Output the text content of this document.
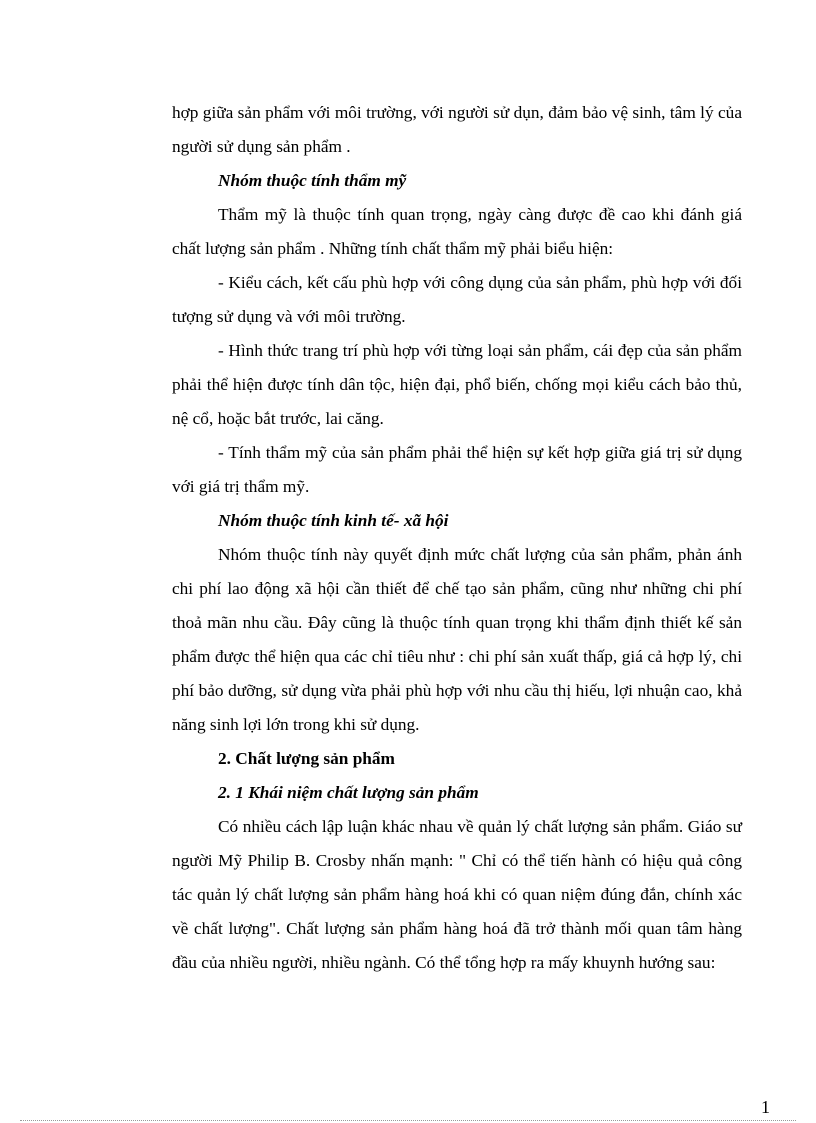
hợp giữa sản phẩm với môi trường, với người sử dụn, đảm bảo vệ sinh, tâm lý của người sử dụng sản phẩm .

Nhóm thuộc tính thẩm mỹ

Thẩm mỹ là thuộc tính quan trọng, ngày càng được đề cao khi đánh giá chất lượng sản phẩm . Những tính chất thẩm mỹ phải biểu hiện:

- Kiểu cách, kết cấu phù hợp với công dụng của sản phẩm, phù hợp với đối tượng sử dụng và với môi trường.

- Hình thức trang trí phù hợp với từng loại sản phẩm, cái đẹp của sản phẩm phải thể hiện được tính dân tộc, hiện đại, phổ biến, chống mọi kiểu cách bảo thủ, nệ cổ, hoặc bắt trước, lai căng.

- Tính thẩm mỹ của sản phẩm phải thể hiện sự kết hợp giữa giá trị sử dụng với giá trị thẩm mỹ.

Nhóm thuộc tính kinh tế- xã hội

Nhóm thuộc tính này quyết định mức chất lượng của sản phẩm, phản ánh chi phí lao động xã hội cần thiết để chế tạo sản phẩm, cũng như những chi phí thoả mãn nhu cầu. Đây cũng là thuộc tính quan trọng khi thẩm định thiết kế sản phẩm được thể hiện qua các chỉ tiêu như : chi phí sản xuất thấp, giá cả hợp lý, chi phí bảo dưỡng, sử dụng vừa phải phù hợp với nhu cầu thị hiếu, lợi nhuận cao, khả năng sinh lợi lớn trong khi sử dụng.

2. Chất lượng sản phẩm

2. 1 Khái niệm chất lượng sản phẩm

Có nhiều cách lập luận khác nhau về quản lý chất lượng sản phẩm. Giáo sư người Mỹ Philip B. Crosby nhấn mạnh: " Chỉ có thể tiến hành có hiệu quả công tác quản lý chất lượng sản phẩm hàng hoá khi có quan niệm đúng đắn, chính xác về chất lượng". Chất lượng sản phẩm hàng hoá đã trở thành mối quan tâm hàng đầu của nhiều người, nhiều ngành. Có thể tổng hợp ra mấy khuynh hướng sau:

1
